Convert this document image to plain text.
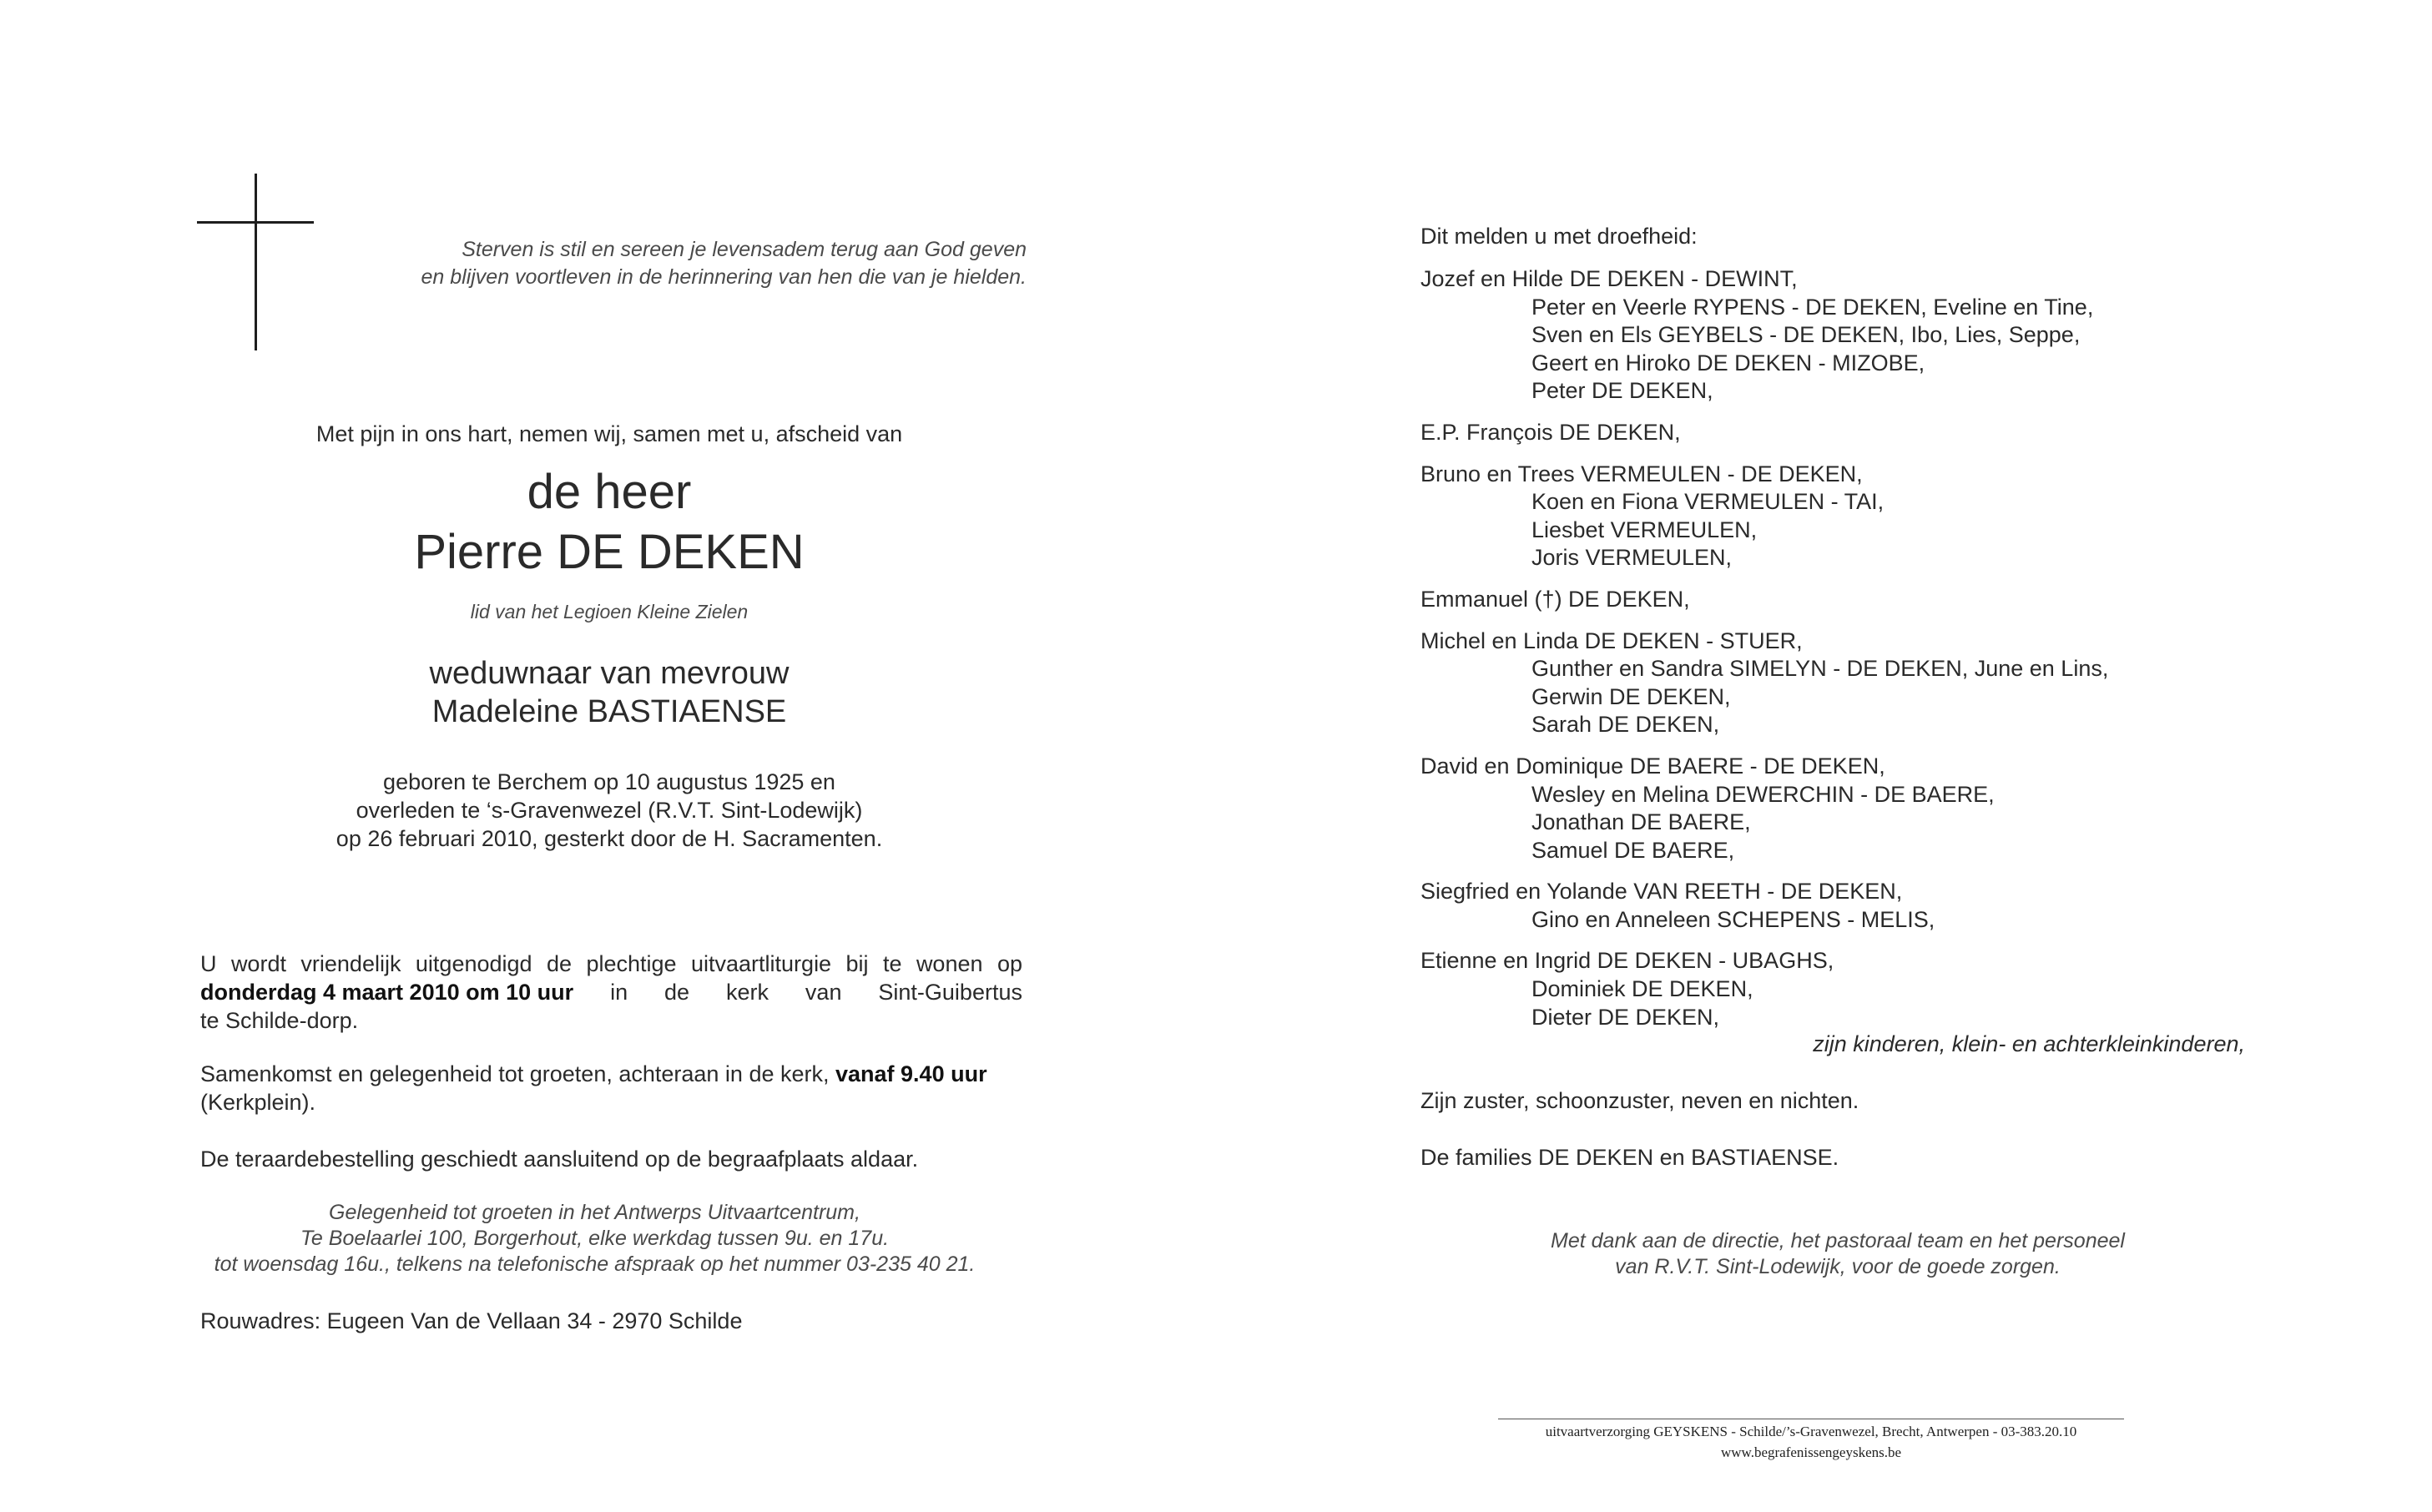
Sterven is stil en sereen je levensadem terug aan God geven
en blijven voortleven in de herinnering van hen die van je hielden.
Met pijn in ons hart, nemen wij, samen met u, afscheid van
de heer
Pierre DE DEKEN
lid van het Legioen Kleine Zielen
weduwnaar van mevrouw
Madeleine BASTIAENSE
geboren te Berchem op 10 augustus 1925 en
overleden te ‘s-Gravenwezel (R.V.T. Sint-Lodewijk)
op 26 februari 2010, gesterkt door de H. Sacramenten.
U wordt vriendelijk uitgenodigd de plechtige uitvaartliturgie bij te wonen op
donderdag 4 maart 2010 om 10 uur in de kerk van Sint-Guibertus
te Schilde-dorp.
Samenkomst en gelegenheid tot groeten, achteraan in de kerk, vanaf 9.40 uur
(Kerkplein).
De teraardebestelling geschiedt aansluitend op de begraafplaats aldaar.
Gelegenheid tot groeten in het Antwerps Uitvaartcentrum,
Te Boelaarlei 100, Borgerhout, elke werkdag tussen 9u. en 17u.
tot woensdag 16u., telkens na telefonische afspraak op het nummer 03-235 40 21.
Rouwadres: Eugeen Van de Vellaan 34 - 2970 Schilde
Dit melden u met droefheid:
Jozef en Hilde DE DEKEN - DEWINT,
Peter en Veerle RYPENS - DE DEKEN, Eveline en Tine,
Sven en Els GEYBELS - DE DEKEN, Ibo, Lies, Seppe,
Geert en Hiroko DE DEKEN - MIZOBE,
Peter DE DEKEN,
E.P. François DE DEKEN,
Bruno en Trees VERMEULEN - DE DEKEN,
Koen en Fiona VERMEULEN - TAI,
Liesbet VERMEULEN,
Joris VERMEULEN,
Emmanuel (†) DE DEKEN,
Michel en Linda DE DEKEN - STUER,
Gunther en Sandra SIMELYN - DE DEKEN, June en Lins,
Gerwin DE DEKEN,
Sarah DE DEKEN,
David en Dominique DE BAERE - DE DEKEN,
Wesley en Melina DEWERCHIN - DE BAERE,
Jonathan DE BAERE,
Samuel DE BAERE,
Siegfried en Yolande VAN REETH - DE DEKEN,
Gino en Anneleen SCHEPENS - MELIS,
Etienne en Ingrid DE DEKEN - UBAGHS,
Dominiek DE DEKEN,
Dieter DE DEKEN,
zijn kinderen, klein- en achterkleinkinderen,
Zijn zuster, schoonzuster, neven en nichten.
De families DE DEKEN en BASTIAENSE.
Met dank aan de directie, het pastoraal team en het personeel
van R.V.T. Sint-Lodewijk, voor de goede zorgen.
uitvaartverzorging GEYSKENS - Schilde/’s-Gravenwezel, Brecht, Antwerpen - 03-383.20.10
www.begrafenissengeyskens.be
